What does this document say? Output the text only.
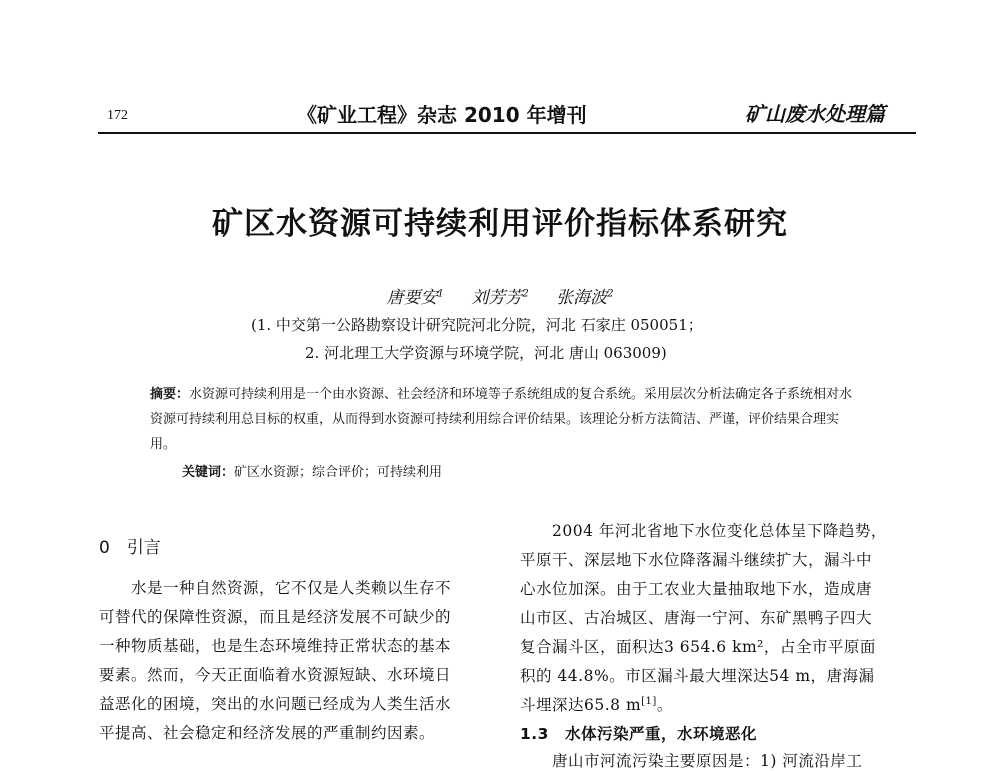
172	《矿业工程》杂志 2010 年增刊	矿山废水处理篇
矿区水资源可持续利用评价指标体系研究
唐要安$^1$ 刘芳芳$^2$ 张海波$^2$
(1. 中交第一公路勘察设计研究院河北分院，河北 石家庄 050051；
2. 河北理工大学资源与环境学院，河北 唐山 063009)
摘要：水资源可持续利用是一个由水资源、社会经济和环境等子系统组成的复合系统。采用层次分析法确定各子系统相对水资源可持续利用总目标的权重，从而得到水资源可持续利用综合评价结果。该理论分析方法简洁、严谨，评价结果合理实用。
关键词：矿区水资源；综合评价；可持续利用
0　引言
　　水是一种自然资源，它不仅是人类赖以生存不
可替代的保障性资源，而且是经济发展不可缺少的
一种物质基础，也是生态环境维持正常状态的基本
要素。然而，今天正面临着水资源短缺、水环境日
益恶化的困境，突出的水问题已经成为人类生活水
平提高、社会稳定和经济发展的严重制约因素。
　　2004 年河北省地下水位变化总体呈下降趋势，
平原干、深层地下水位降落漏斗继续扩大，漏斗中
心水位加深。由于工农业大量抽取地下水，造成唐
山市区、古冶城区、唐海一宁河、东矿黑鸭子四大
复合漏斗区，面积达3 654.6 km²，占全市平原面
积的 44.8%。市区漏斗最大埋深达54 m，唐海漏
斗埋深达65.8 m[1]。
1.3　水体污染严重，水环境恶化
　　唐山市河流污染主要原因是：1) 河流沿岸工
